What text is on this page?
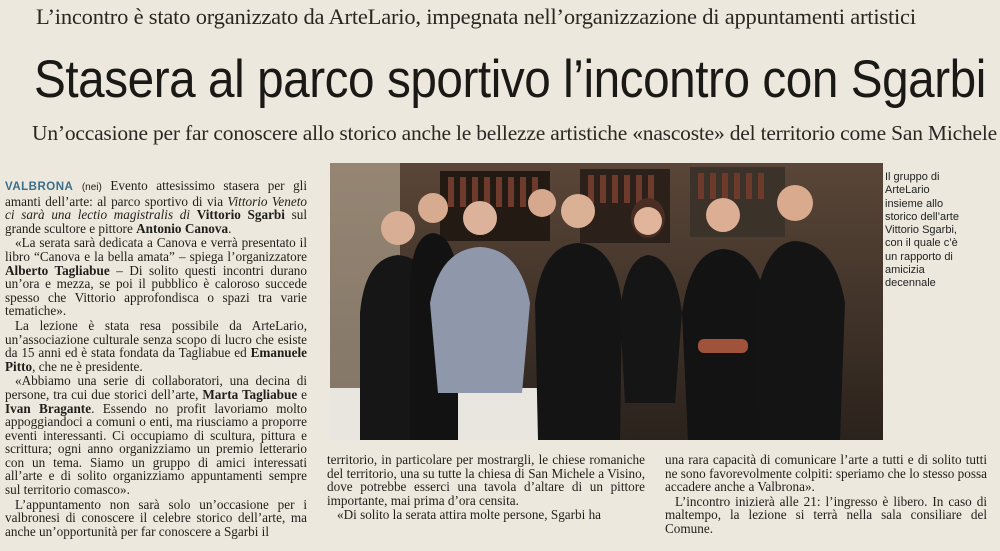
L’incontro è stato organizzato da ArteLario, impegnata nell’organizzazione di appuntamenti artistici
Stasera al parco sportivo l’incontro con Sgarbi
Un’occasione per far conoscere allo storico anche le bellezze artistiche «nascoste» del territorio come San Michele

VALBRONA (nei) Evento attesissimo stasera per gli amanti dell’arte: al parco sportivo di via Vittorio Veneto ci sarà una lectio magistralis di Vittorio Sgarbi sul grande scultore e pittore Antonio Canova.

«La serata sarà dedicata a Canova e verrà presentato il libro “Canova e la bella amata” – spiega l’organizzatore Alberto Tagliabue – Di solito questi incontri durano un’ora e mezza, se poi il pubblico è caloroso succede spesso che Vittorio approfondisca o spazi tra varie tematiche».

La lezione è stata resa possibile da ArteLario, un’associazione culturale senza scopo di lucro che esiste da 15 anni ed è stata fondata da Tagliabue ed Emanuele Pitto, che ne è presidente.

«Abbiamo una serie di collaboratori, una decina di persone, tra cui due storici dell’arte, Marta Tagliabue e Ivan Bragante. Essendo no profit lavoriamo molto appoggiandoci a comuni o enti, ma riusciamo a proporre eventi interessanti. Ci occupiamo di scultura, pittura e scrittura; ogni anno organizziamo un premio letterario con un tema. Siamo un gruppo di amici interessati all’arte e di solito organizziamo appuntamenti sempre sul territorio comasco».

L’appuntamento non sarà solo un’occasione per i valbronesi di conoscere il celebre storico dell’arte, ma anche un’opportunità per far conoscere a Sgarbi il

Il gruppo di ArteLario insieme allo storico dell’arte Vittorio Sgarbi, con il quale c’è un rapporto di amicizia decennale

territorio, in particolare per mostrargli, le chiese romaniche del territorio, una su tutte la chiesa di San Michele a Visino, dove potrebbe esserci una tavola d’altare di un pittore importante, mai prima d’ora censita.

«Di solito la serata attira molte persone, Sgarbi ha

una rara capacità di comunicare l’arte a tutti e di solito tutti ne sono favorevolmente colpiti: speriamo che lo stesso possa accadere anche a Valbrona».

L’incontro inizierà alle 21: l’ingresso è libero. In caso di maltempo, la lezione si terrà nella sala consiliare del Comune.
